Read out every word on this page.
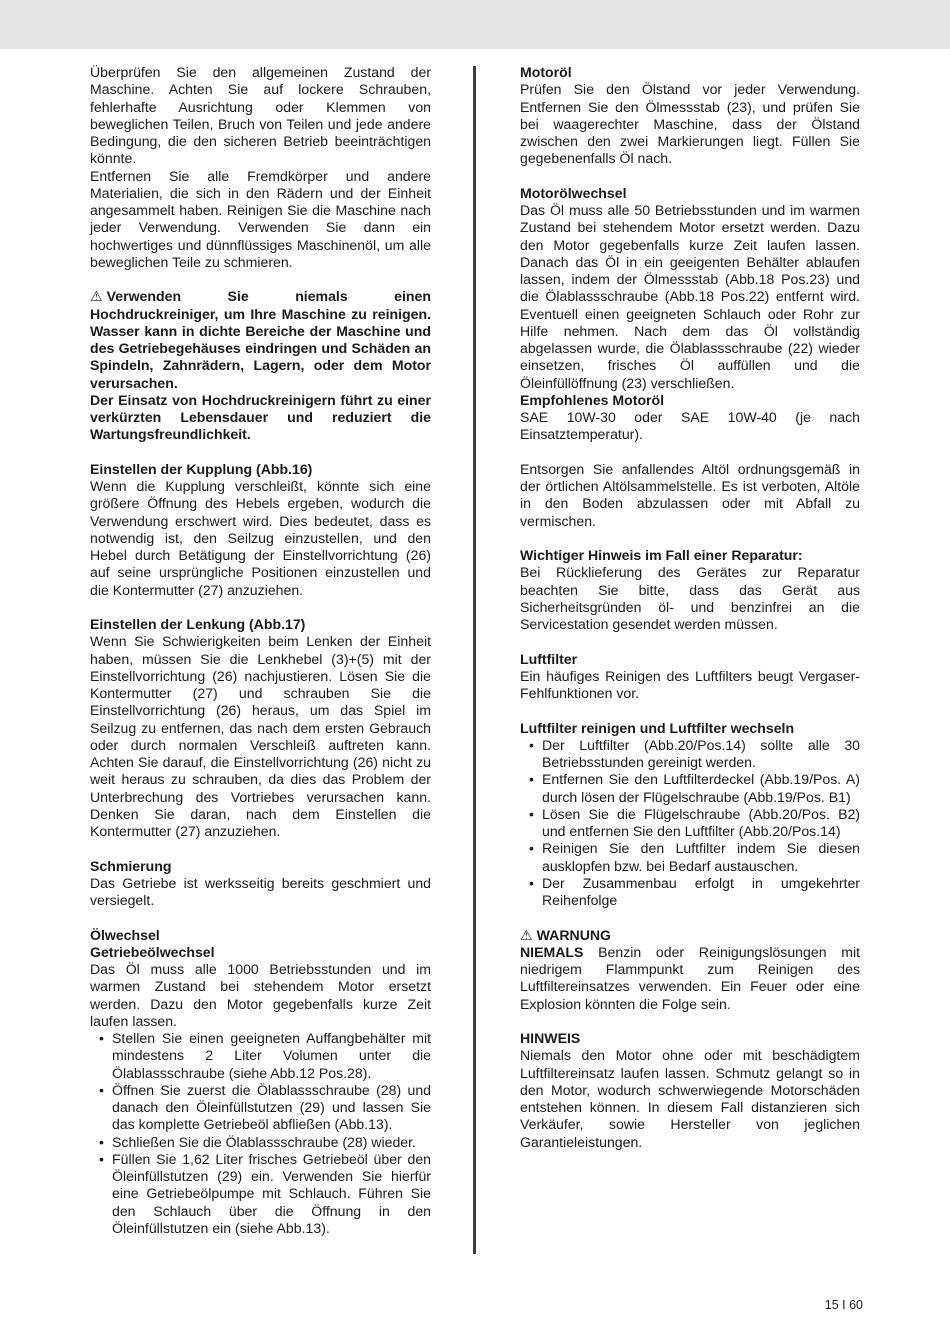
Überprüfen Sie den allgemeinen Zustand der Maschine. Achten Sie auf lockere Schrauben, fehlerhafte Ausrichtung oder Klemmen von beweglichen Teilen, Bruch von Teilen und jede andere Bedingung, die den sicheren Betrieb beeinträchtigen könnte.

Entfernen Sie alle Fremdkörper und andere Materialien, die sich in den Rädern und der Einheit angesammelt haben. Reinigen Sie die Maschine nach jeder Verwendung. Verwenden Sie dann ein hochwertiges und dünnflüssiges Maschinenöl, um alle beweglichen Teile zu schmieren.

⚠ Verwenden Sie niemals einen Hochdruckreiniger, um Ihre Maschine zu reinigen. Wasser kann in dichte Bereiche der Maschine und des Getriebegehäuses eindringen und Schäden an Spindeln, Zahnrädern, Lagern, oder dem Motor verursachen.

Der Einsatz von Hochdruckreinigern führt zu einer verkürzten Lebensdauer und reduziert die Wartungsfreundlichkeit.

Einstellen der Kupplung (Abb.16)

Wenn die Kupplung verschleißt, könnte sich eine größere Öffnung des Hebels ergeben, wodurch die Verwendung erschwert wird. Dies bedeutet, dass es notwendig ist, den Seilzug einzustellen, und den Hebel durch Betätigung der Einstellvorrichtung (26) auf seine ursprüngliche Positionen einzustellen und die Kontermutter (27) anzuziehen.

Einstellen der Lenkung (Abb.17)

Wenn Sie Schwierigkeiten beim Lenken der Einheit haben, müssen Sie die Lenkhebel (3)+(5) mit der Einstellvorrichtung (26) nachjustieren. Lösen Sie die Kontermutter (27) und schrauben Sie die Einstellvorrichtung (26) heraus, um das Spiel im Seilzug zu entfernen, das nach dem ersten Gebrauch oder durch normalen Verschleiß auftreten kann. Achten Sie darauf, die Einstellvorrichtung (26) nicht zu weit heraus zu schrauben, da dies das Problem der Unterbrechung des Vortriebes verursachen kann. Denken Sie daran, nach dem Einstellen die Kontermutter (27) anzuziehen.

Schmierung

Das Getriebe ist werksseitig bereits geschmiert und versiegelt.

Ölwechsel

Getriebeölwechsel

Das Öl muss alle 1000 Betriebsstunden und im warmen Zustand bei stehendem Motor ersetzt werden. Dazu den Motor gegebenfalls kurze Zeit laufen lassen.

• Stellen Sie einen geeigneten Auffangbehälter mit mindestens 2 Liter Volumen unter die Ölablassschraube (siehe Abb.12 Pos.28).
• Öffnen Sie zuerst die Ölablassschraube (28) und danach den Öleinfüllstutzen (29) und lassen Sie das komplette Getriebeöl abfließen (Abb.13).
• Schließen Sie die Ölablassschraube (28) wieder.
• Füllen Sie 1,62 Liter frisches Getriebeöl über den Öleinfüllstutzen (29) ein. Verwenden Sie hierfür eine Getriebeölpumpe mit Schlauch. Führen Sie den Schlauch über die Öffnung in den Öleinfüllstutzen ein (siehe Abb.13).

Motoröl

Prüfen Sie den Ölstand vor jeder Verwendung. Entfernen Sie den Ölmessstab (23), und prüfen Sie bei waagerechter Maschine, dass der Ölstand zwischen den zwei Markierungen liegt. Füllen Sie gegebenenfalls Öl nach.

Motorölwechsel

Das Öl muss alle 50 Betriebsstunden und im warmen Zustand bei stehendem Motor ersetzt werden. Dazu den Motor gegebenfalls kurze Zeit laufen lassen. Danach das Öl in ein geeigenten Behälter ablaufen lassen, indem der Ölmessstab (Abb.18 Pos.23) und die Ölablassschraube (Abb.18 Pos.22) entfernt wird. Eventuell einen geeigneten Schlauch oder Rohr zur Hilfe nehmen. Nach dem das Öl vollständig abgelassen wurde, die Ölablassschraube (22) wieder einsetzen, frisches Öl auffüllen und die Öleinfüllöffnung (23) verschließen.

Empfohlenes Motoröl

SAE 10W-30 oder SAE 10W-40 (je nach Einsatztemperatur).

Entsorgen Sie anfallendes Altöl ordnungsgemäß in der örtlichen Altölsammelstelle. Es ist verboten, Altöle in den Boden abzulassen oder mit Abfall zu vermischen.

Wichtiger Hinweis im Fall einer Reparatur:

Bei Rücklieferung des Gerätes zur Reparatur beachten Sie bitte, dass das Gerät aus Sicherheitsgründen öl- und benzinfrei an die Servicestation gesendet werden müssen.

Luftfilter

Ein häufiges Reinigen des Luftfilters beugt Vergaser-Fehlfunktionen vor.

Luftfilter reinigen und Luftfilter wechseln

• Der Luftfilter (Abb.20/Pos.14) sollte alle 30 Betriebsstunden gereinigt werden.
• Entfernen Sie den Luftfilterdeckel (Abb.19/Pos. A) durch lösen der Flügelschraube (Abb.19/Pos. B1)
• Lösen Sie die Flügelschraube (Abb.20/Pos. B2) und entfernen Sie den Luftfilter (Abb.20/Pos.14)
• Reinigen Sie den Luftfilter indem Sie diesen ausklopfen bzw. bei Bedarf austauschen.
• Der Zusammenbau erfolgt in umgekehrter Reihenfolge

⚠ WARNUNG

NIEMALS Benzin oder Reinigungslösungen mit niedrigem Flammpunkt zum Reinigen des Luftfiltereinsatzes verwenden. Ein Feuer oder eine Explosion könnten die Folge sein.

HINWEIS

Niemals den Motor ohne oder mit beschädigtem Luftfiltereinsatz laufen lassen. Schmutz gelangt so in den Motor, wodurch schwerwiegende Motorschäden entstehen können. In diesem Fall distanzieren sich Verkäufer, sowie Hersteller von jeglichen Garantieleistungen.

15 I 60
